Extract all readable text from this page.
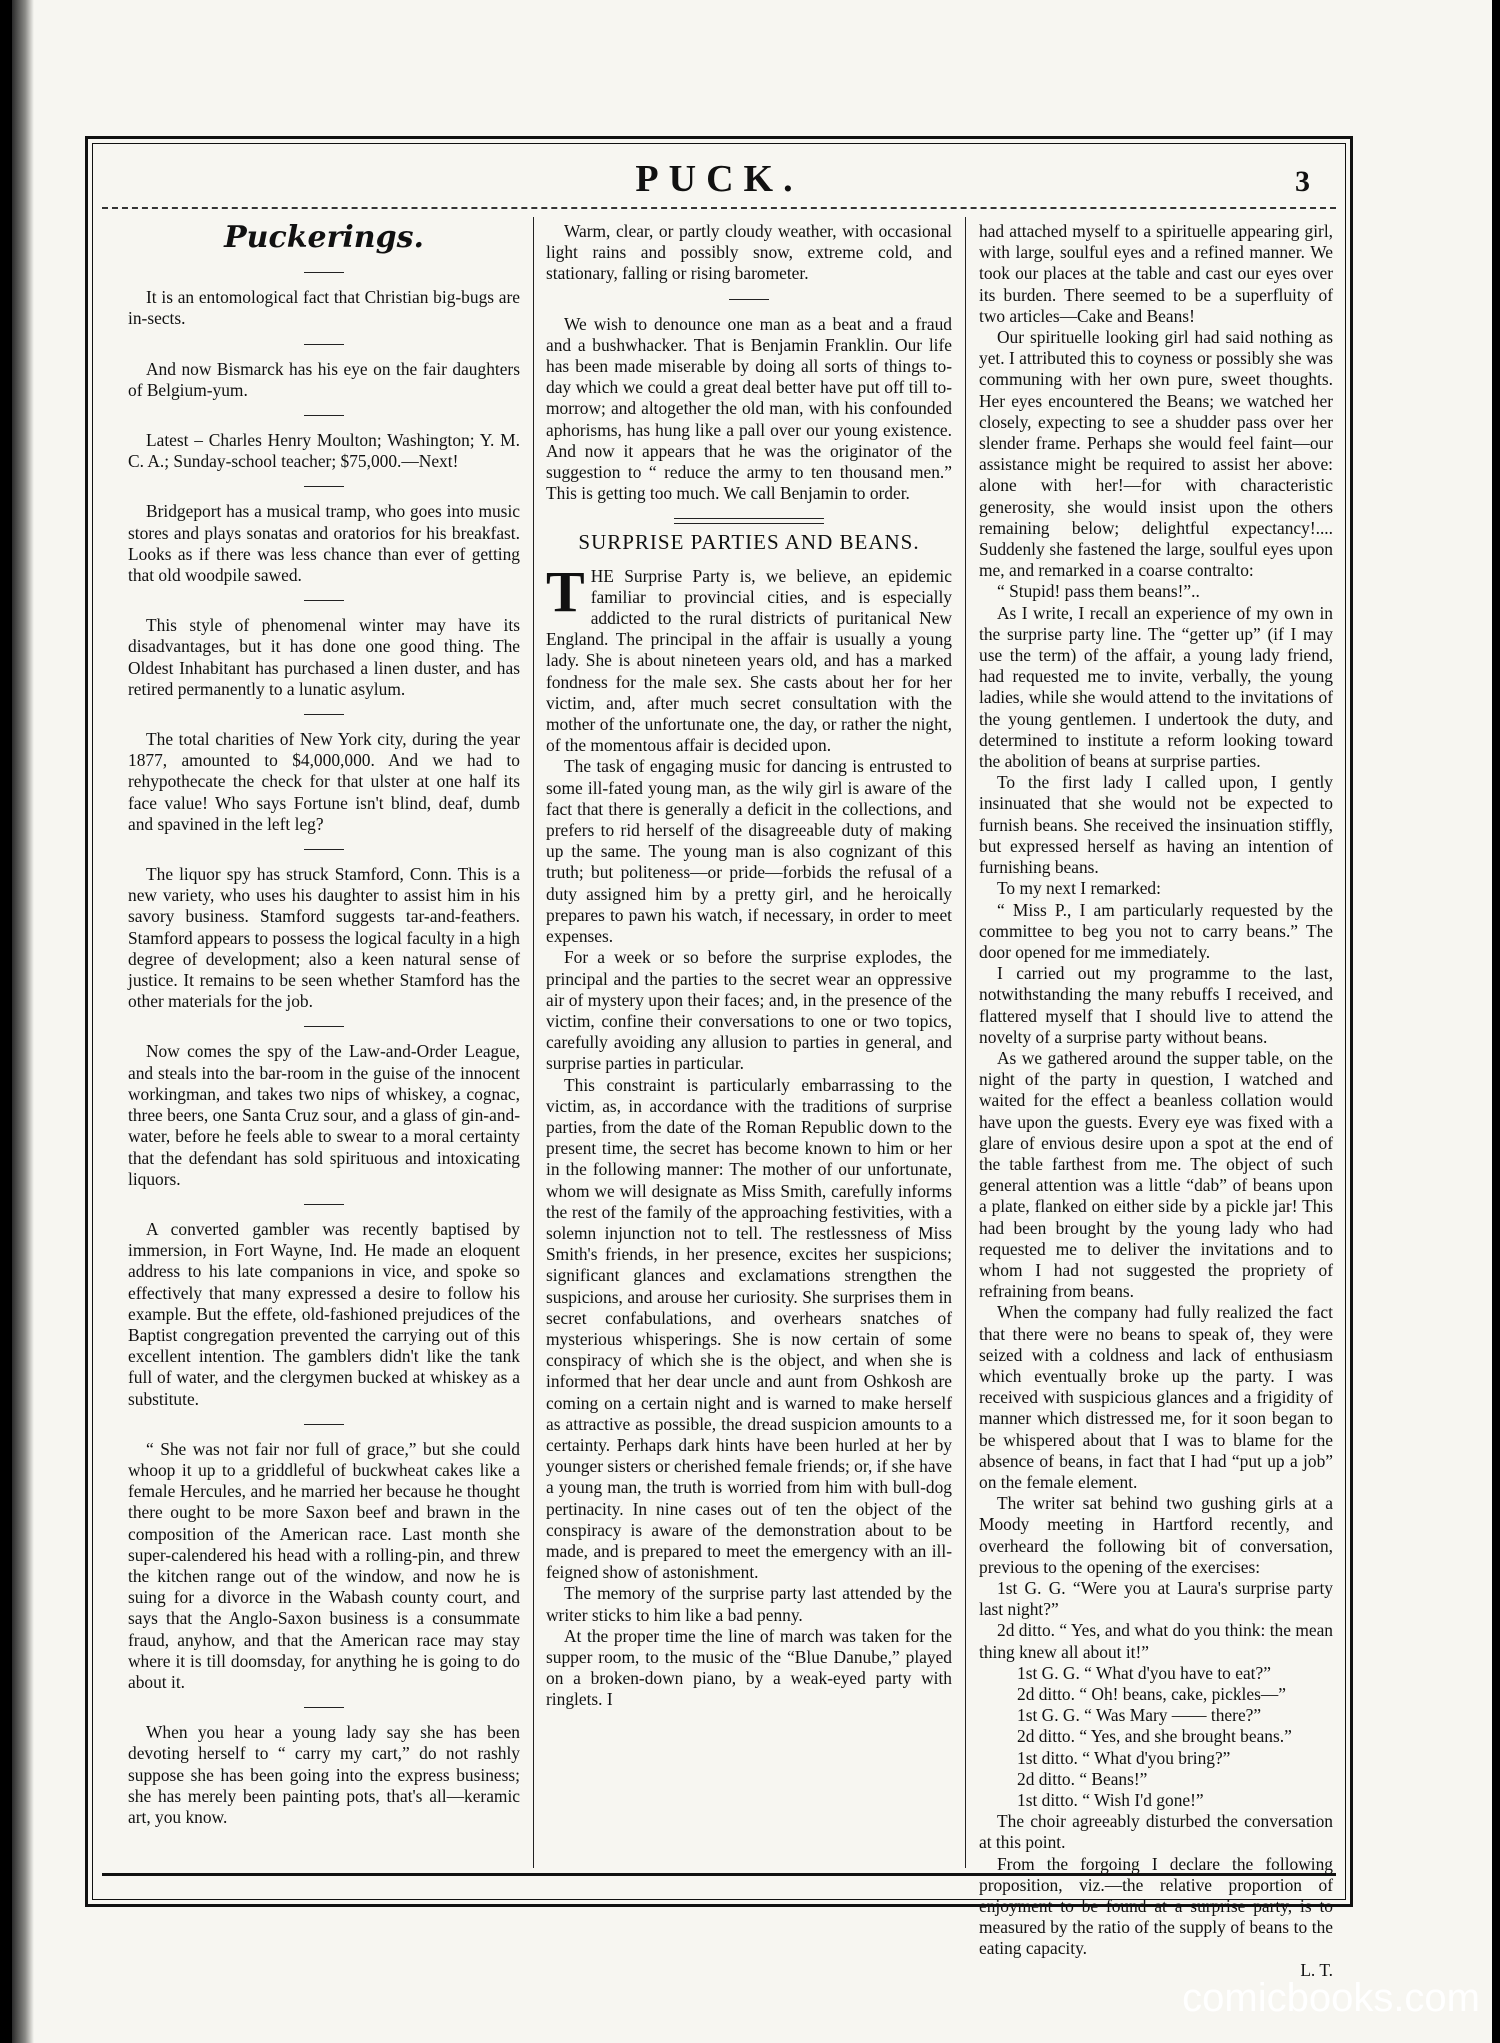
PUCK.	3
Puckerings.

It is an entomological fact that Christian big-bugs are in-sects.

And now Bismarck has his eye on the fair daughters of Belgium-yum.

Latest – Charles Henry Moulton; Washington; Y. M. C. A.; Sunday-school teacher; $75,000.—Next!

Bridgeport has a musical tramp, who goes into music stores and plays sonatas and oratorios for his breakfast. Looks as if there was less chance than ever of getting that old woodpile sawed.

This style of phenomenal winter may have its disadvantages, but it has done one good thing. The Oldest Inhabitant has purchased a linen duster, and has retired permanently to a lunatic asylum.

The total charities of New York city, during the year 1877, amounted to $4,000,000. And we had to rehypothecate the check for that ulster at one half its face value! Who says Fortune isn't blind, deaf, dumb and spavined in the left leg?

The liquor spy has struck Stamford, Conn. This is a new variety, who uses his daughter to assist him in his savory business. Stamford suggests tar-and-feathers. Stamford appears to possess the logical faculty in a high degree of development; also a keen natural sense of justice. It remains to be seen whether Stamford has the other materials for the job.

Now comes the spy of the Law-and-Order League, and steals into the bar-room in the guise of the innocent workingman, and takes two nips of whiskey, a cognac, three beers, one Santa Cruz sour, and a glass of gin-and-water, before he feels able to swear to a moral certainty that the defendant has sold spirituous and intoxicating liquors.

A converted gambler was recently baptised by immersion, in Fort Wayne, Ind. He made an eloquent address to his late companions in vice, and spoke so effectively that many expressed a desire to follow his example. But the effete, old-fashioned prejudices of the Baptist congregation prevented the carrying out of this excellent intention. The gamblers didn't like the tank full of water, and the clergymen bucked at whiskey as a substitute.

“ She was not fair nor full of grace,” but she could whoop it up to a griddleful of buckwheat cakes like a female Hercules, and he married her because he thought there ought to be more Saxon beef and brawn in the composition of the American race. Last month she super-calendered his head with a rolling-pin, and threw the kitchen range out of the window, and now he is suing for a divorce in the Wabash county court, and says that the Anglo-Saxon business is a consummate fraud, anyhow, and that the American race may stay where it is till doomsday, for anything he is going to do about it.

When you hear a young lady say she has been devoting herself to “ carry my cart,” do not rashly suppose she has been going into the express business; she has merely been painting pots, that's all—keramic art, you know.

Warm, clear, or partly cloudy weather, with occasional light rains and possibly snow, extreme cold, and stationary, falling or rising barometer.

We wish to denounce one man as a beat and a fraud and a bushwhacker. That is Benjamin Franklin. Our life has been made miserable by doing all sorts of things to-day which we could a great deal better have put off till to-morrow; and altogether the old man, with his confounded aphorisms, has hung like a pall over our young existence. And now it appears that he was the originator of the suggestion to “ reduce the army to ten thousand men.” This is getting too much. We call Benjamin to order.

SURPRISE PARTIES AND BEANS.

THE Surprise Party is, we believe, an epidemic familiar to provincial cities, and is especially addicted to the rural districts of puritanical New England. The principal in the affair is usually a young lady. She is about nineteen years old, and has a marked fondness for the male sex. She casts about her for her victim, and, after much secret consultation with the mother of the unfortunate one, the day, or rather the night, of the momentous affair is decided upon.

The task of engaging music for dancing is entrusted to some ill-fated young man, as the wily girl is aware of the fact that there is generally a deficit in the collections, and prefers to rid herself of the disagreeable duty of making up the same. The young man is also cognizant of this truth; but politeness—or pride—forbids the refusal of a duty assigned him by a pretty girl, and he heroically prepares to pawn his watch, if necessary, in order to meet expenses.

For a week or so before the surprise explodes, the principal and the parties to the secret wear an oppressive air of mystery upon their faces; and, in the presence of the victim, confine their conversations to one or two topics, carefully avoiding any allusion to parties in general, and surprise parties in particular.

This constraint is particularly embarrassing to the victim, as, in accordance with the traditions of surprise parties, from the date of the Roman Republic down to the present time, the secret has become known to him or her in the following manner: The mother of our unfortunate, whom we will designate as Miss Smith, carefully informs the rest of the family of the approaching festivities, with a solemn injunction not to tell. The restlessness of Miss Smith's friends, in her presence, excites her suspicions; significant glances and exclamations strengthen the suspicions, and arouse her curiosity. She surprises them in secret confabulations, and overhears snatches of mysterious whisperings. She is now certain of some conspiracy of which she is the object, and when she is informed that her dear uncle and aunt from Oshkosh are coming on a certain night and is warned to make herself as attractive as possible, the dread suspicion amounts to a certainty. Perhaps dark hints have been hurled at her by younger sisters or cherished female friends; or, if she have a young man, the truth is worried from him with bull-dog pertinacity. In nine cases out of ten the object of the conspiracy is aware of the demonstration about to be made, and is prepared to meet the emergency with an ill-feigned show of astonishment.

The memory of the surprise party last attended by the writer sticks to him like a bad penny.

At the proper time the line of march was taken for the supper room, to the music of the “Blue Danube,” played on a broken-down piano, by a weak-eyed party with ringlets. I

had attached myself to a spirituelle appearing girl, with large, soulful eyes and a refined manner. We took our places at the table and cast our eyes over its burden. There seemed to be a superfluity of two articles—Cake and Beans!

Our spirituelle looking girl had said nothing as yet. I attributed this to coyness or possibly she was communing with her own pure, sweet thoughts. Her eyes encountered the Beans; we watched her closely, expecting to see a shudder pass over her slender frame. Perhaps she would feel faint—our assistance might be required to assist her above: alone with her!—for with characteristic generosity, she would insist upon the others remaining below; delightful expectancy!.... Suddenly she fastened the large, soulful eyes upon me, and remarked in a coarse contralto:

“ Stupid! pass them beans!”..

As I write, I recall an experience of my own in the surprise party line. The “getter up” (if I may use the term) of the affair, a young lady friend, had requested me to invite, verbally, the young ladies, while she would attend to the invitations of the young gentlemen. I undertook the duty, and determined to institute a reform looking toward the abolition of beans at surprise parties.

To the first lady I called upon, I gently insinuated that she would not be expected to furnish beans. She received the insinuation stiffly, but expressed herself as having an intention of furnishing beans.

To my next I remarked:

“ Miss P., I am particularly requested by the committee to beg you not to carry beans.” The door opened for me immediately.

I carried out my programme to the last, notwithstanding the many rebuffs I received, and flattered myself that I should live to attend the novelty of a surprise party without beans.

As we gathered around the supper table, on the night of the party in question, I watched and waited for the effect a beanless collation would have upon the guests. Every eye was fixed with a glare of envious desire upon a spot at the end of the table farthest from me. The object of such general attention was a little “dab” of beans upon a plate, flanked on either side by a pickle jar! This had been brought by the young lady who had requested me to deliver the invitations and to whom I had not suggested the propriety of refraining from beans.

When the company had fully realized the fact that there were no beans to speak of, they were seized with a coldness and lack of enthusiasm which eventually broke up the party. I was received with suspicious glances and a frigidity of manner which distressed me, for it soon began to be whispered about that I was to blame for the absence of beans, in fact that I had “put up a job” on the female element.

The writer sat behind two gushing girls at a Moody meeting in Hartford recently, and overheard the following bit of conversation, previous to the opening of the exercises:

1st G. G. “Were you at Laura's surprise party last night?”

2d ditto. “ Yes, and what do you think: the mean thing knew all about it!”

1st G. G. “ What d'you have to eat?”

2d ditto. “ Oh! beans, cake, pickles—”

1st G. G. “ Was Mary —— there?”

2d ditto. “ Yes, and she brought beans.”

1st ditto. “ What d'you bring?”

2d ditto. “ Beans!”

1st ditto. “ Wish I'd gone!”

The choir agreeably disturbed the conversation at this point.

From the forgoing I declare the following proposition, viz.—the relative proportion of enjoyment to be found at a surprise party, is to measured by the ratio of the supply of beans to the eating capacity.

L. T.

comicbooks.com
